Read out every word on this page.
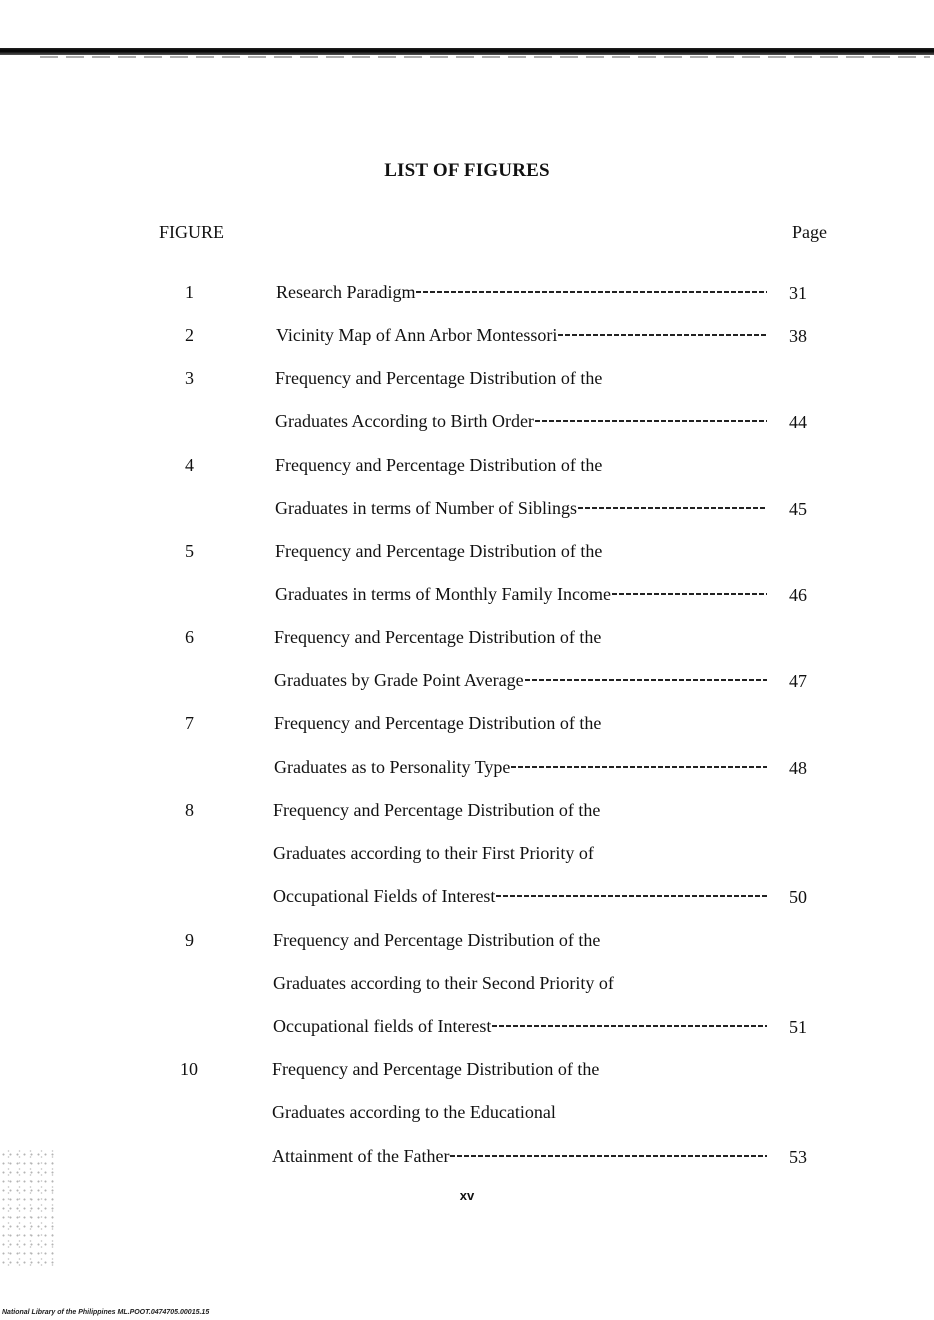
LIST OF FIGURES
FIGURE	Page
1	Research Paradigm	31
2	Vicinity Map of Ann Arbor Montessori	38
3	Frequency and Percentage Distribution of the
Graduates According to Birth Order	44
4	Frequency and Percentage Distribution of the
Graduates in terms of Number of Siblings	45
5	Frequency and Percentage Distribution of the
Graduates in terms of Monthly Family Income	46
6	Frequency and Percentage Distribution of the
Graduates by Grade Point Average	47
7	Frequency and Percentage Distribution of the
Graduates as to Personality Type	48
8	Frequency and Percentage Distribution of the
Graduates according to their First Priority of
Occupational Fields of Interest	50
9	Frequency and Percentage Distribution of the
Graduates according to their Second Priority of
Occupational fields of Interest	51
10	Frequency and Percentage Distribution of the
Graduates according to the Educational
Attainment of the Father	53
xv
National Library of the Philippines ML.POOT.0474705.00015.15
